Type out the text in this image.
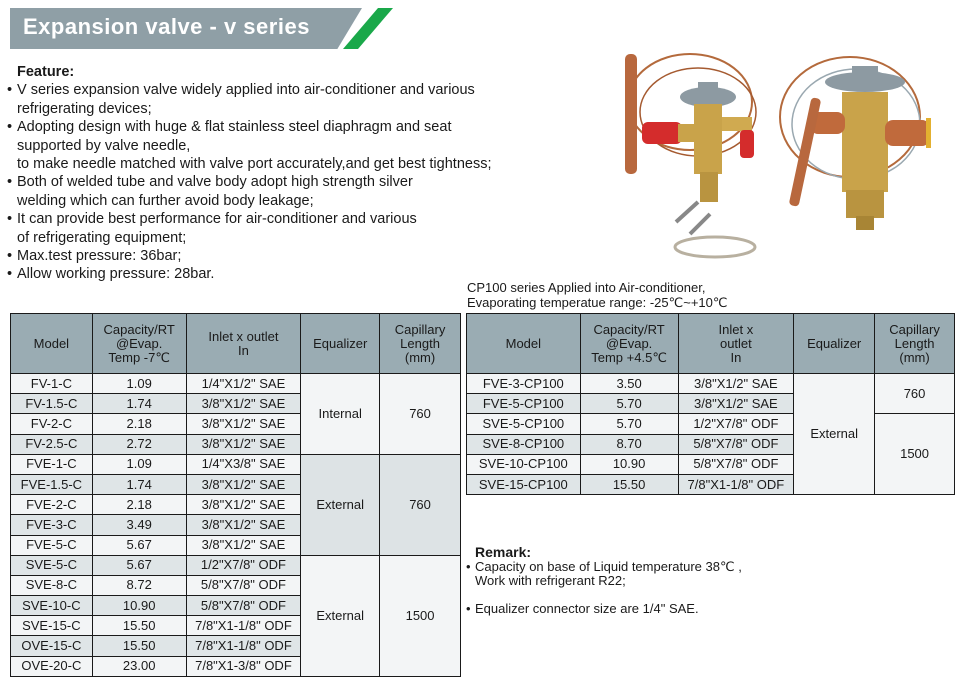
Expansion valve - v series
Feature:
• V series expansion valve widely applied into air-conditioner and various
refrigerating devices;
• Adopting design with huge & flat stainless steel diaphragm and seat
supported by valve needle,
to make needle matched with valve port accurately,and get best tightness;
• Both of welded tube and valve body adopt high strength silver
welding which can further avoid body leakage;
• It can provide best performance for air-conditioner and various
of refrigerating equipment;
• Max.test pressure: 36bar;
• Allow working pressure: 28bar.
CP100 series Applied into Air-conditioner,
Evaporating temperatue range: -25℃~+10℃
Model	Capacity/RT
@Evap.
Temp -7℃	Inlet x outlet
In	Equalizer	Capillary
Length
(mm)
FV-1-C	1.09	1/4"X1/2" SAE	Internal	760
FV-1.5-C	1.74	3/8"X1/2" SAE		
FV-2-C	2.18	3/8"X1/2" SAE		
FV-2.5-C	2.72	3/8"X1/2" SAE		
FVE-1-C	1.09	1/4"X3/8" SAE	External	760
FVE-1.5-C	1.74	3/8"X1/2" SAE		
FVE-2-C	2.18	3/8"X1/2" SAE		
FVE-3-C	3.49	3/8"X1/2" SAE		
FVE-5-C	5.67	3/8"X1/2" SAE		
SVE-5-C	5.67	1/2"X7/8" ODF	External	1500
SVE-8-C	8.72	5/8"X7/8" ODF		
SVE-10-C	10.90	5/8"X7/8" ODF		
SVE-15-C	15.50	7/8"X1-1/8" ODF		
OVE-15-C	15.50	7/8"X1-1/8" ODF		
OVE-20-C	23.00	7/8"X1-3/8" ODF		
Model	Capacity/RT
@Evap.
Temp +4.5℃	Inlet x
outlet
In	Equalizer	Capillary
Length
(mm)
FVE-3-CP100	3.50	3/8"X1/2" SAE	External	760
FVE-5-CP100	5.70	3/8"X1/2" SAE		
SVE-5-CP100	5.70	1/2"X7/8" ODF		1500
SVE-8-CP100	8.70	5/8"X7/8" ODF		
SVE-10-CP100	10.90	5/8"X7/8" ODF		
SVE-15-CP100	15.50	7/8"X1-1/8" ODF		
Remark:
• Capacity on base of Liquid temperature 38℃ ,
Work with refrigerant R22;
• Equalizer connector size are 1/4" SAE.
